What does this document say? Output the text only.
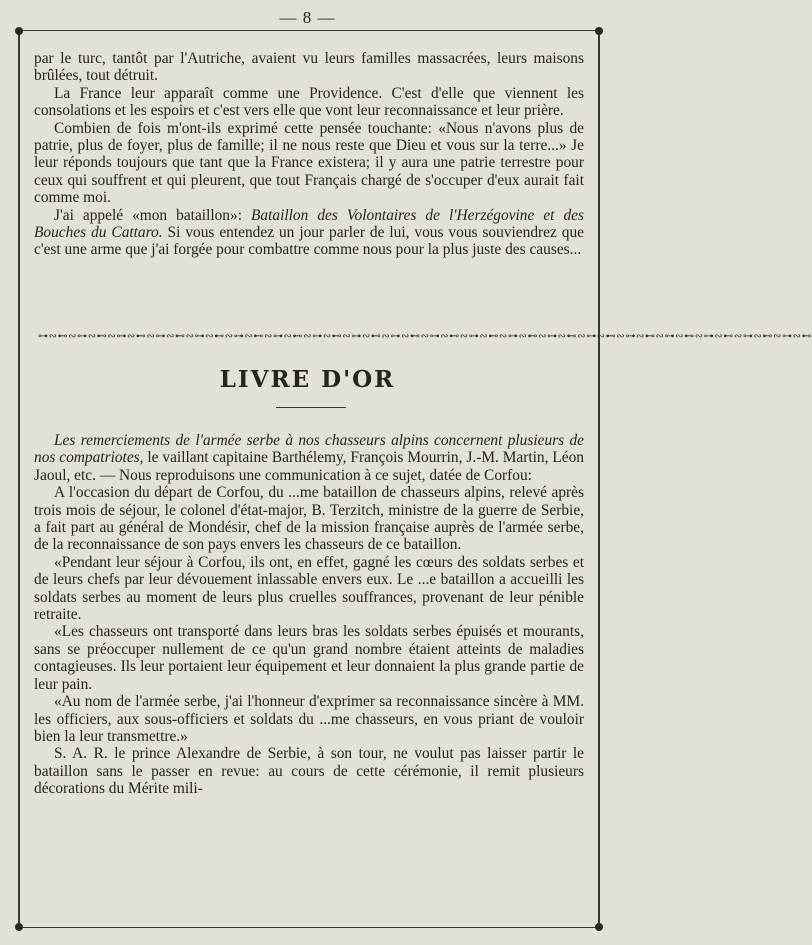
— 8 —

par le turc, tantôt par l'Autriche, avaient vu leurs familles massacrées, leurs maisons brûlées, tout détruit.

La France leur apparaît comme une Providence. C'est d'elle que viennent les consolations et les espoirs et c'est vers elle que vont leur reconnaissance et leur prière.

Combien de fois m'ont-ils exprimé cette pensée touchante: «Nous n'avons plus de patrie, plus de foyer, plus de famille; il ne nous reste que Dieu et vous sur la terre...» Je leur réponds toujours que tant que la France existera; il y aura une patrie terrestre pour ceux qui souffrent et qui pleurent, que tout Français chargé de s'occuper d'eux aurait fait comme moi.

J'ai appelé «mon bataillon»: Bataillon des Volontaires de l'Herzégovine et des Bouches du Cattaro. Si vous entendez un jour parler de lui, vous vous souviendrez que c'est une arme que j'ai forgée pour combattre comme nous pour la plus juste des causes...

⊶∾⊷∾⊶∾⊷∾⊶∾⊷∾⊶∾⊷∾⊶∾⊷∾⊶∾⊷∾⊶∾⊷∾⊶∾⊷∾⊶∾⊷∾⊶∾⊷∾⊶∾⊷∾⊶∾⊷∾⊶∾⊷∾⊶∾⊷∾⊶∾⊷∾⊶∾⊷∾⊶∾⊷∾⊶∾⊷∾⊶∾⊷∾⊶∾⊷
LIVRE D'OR

Les remerciements de l'armée serbe à nos chasseurs alpins concernent plusieurs de nos compatriotes, le vaillant capitaine Barthélemy, François Mourrin, J.-M. Martin, Léon Jaoul, etc. — Nous reproduisons une communication à ce sujet, datée de Corfou:

A l'occasion du départ de Corfou, du ...me bataillon de chasseurs alpins, relevé après trois mois de séjour, le colonel d'état-major, B. Terzitch, ministre de la guerre de Serbie, a fait part au général de Mondésir, chef de la mission française auprès de l'armée serbe, de la reconnaissance de son pays envers les chasseurs de ce bataillon.

«Pendant leur séjour à Corfou, ils ont, en effet, gagné les cœurs des soldats serbes et de leurs chefs par leur dévouement inlassable envers eux. Le ...e bataillon a accueilli les soldats serbes au moment de leurs plus cruelles souffrances, provenant de leur pénible retraite.

«Les chasseurs ont transporté dans leurs bras les soldats serbes épuisés et mourants, sans se préoccuper nullement de ce qu'un grand nombre étaient atteints de maladies contagieuses. Ils leur portaient leur équipement et leur donnaient la plus grande partie de leur pain.

«Au nom de l'armée serbe, j'ai l'honneur d'exprimer sa reconnaissance sincère à MM. les officiers, aux sous-officiers et soldats du ...me chasseurs, en vous priant de vouloir bien la leur transmettre.»

S. A. R. le prince Alexandre de Serbie, à son tour, ne voulut pas laisser partir le bataillon sans le passer en revue: au cours de cette cérémonie, il remit plusieurs décorations du Mérite mili-
